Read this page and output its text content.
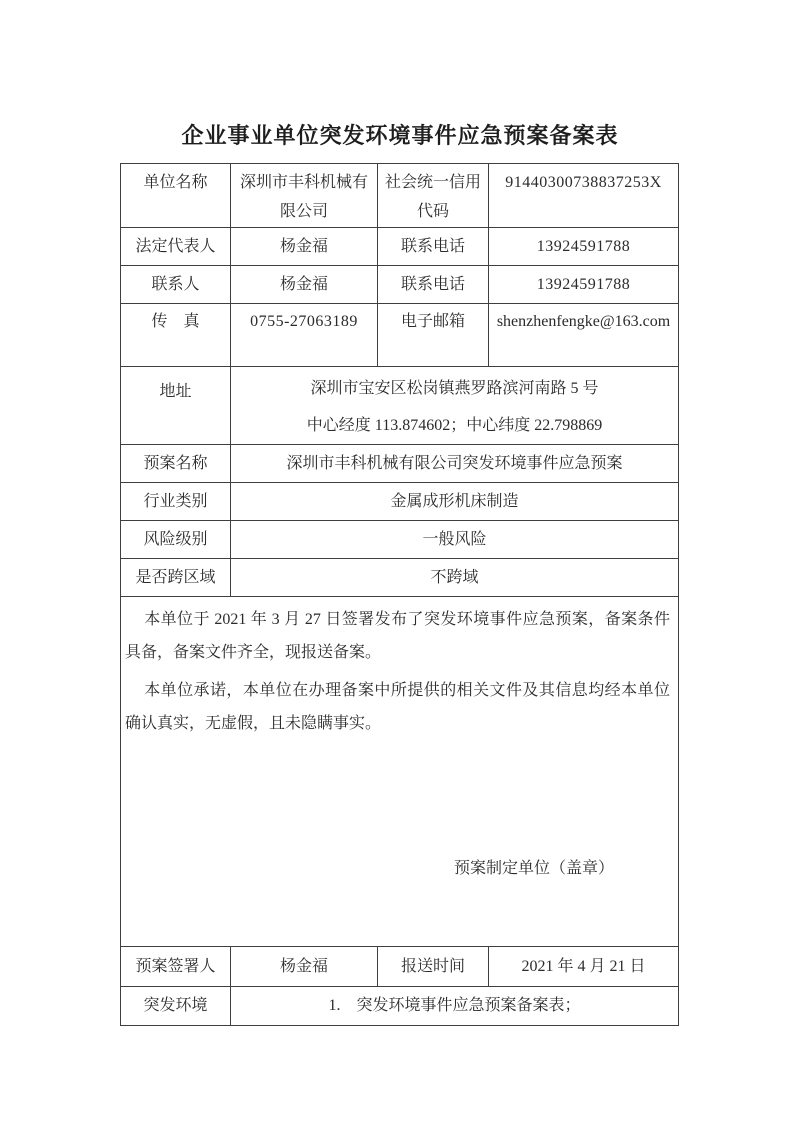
企业事业单位突发环境事件应急预案备案表
单位名称	深圳市丰科机械有限公司	社会统一信用代码	91440300738837253X
法定代表人	杨金福	联系电话	13924591788
联系人	杨金福	联系电话	13924591788
传　真	0755-27063189	电子邮箱	shenzhenfengke@163.com
地址	深圳市宝安区松岗镇燕罗路滨河南路 5 号
中心经度 113.874602；中心纬度 22.798869		

预案名称	深圳市丰科机械有限公司突发环境事件应急预案		
行业类别	金属成形机床制造		
风险级别	一般风险		
是否跨区域	不跨域		

本单位于 2021 年 3 月 27 日签署发布了突发环境事件应急预案，备案条件具备，备案文件齐全，现报送备案。

本单位承诺，本单位在办理备案中所提供的相关文件及其信息均经本单位确认真实，无虚假，且未隐瞒事实。

预案制定单位（盖章）			

预案签署人	杨金福	报送时间	2021 年 4 月 21 日
突发环境	1.　突发环境事件应急预案备案表；		
